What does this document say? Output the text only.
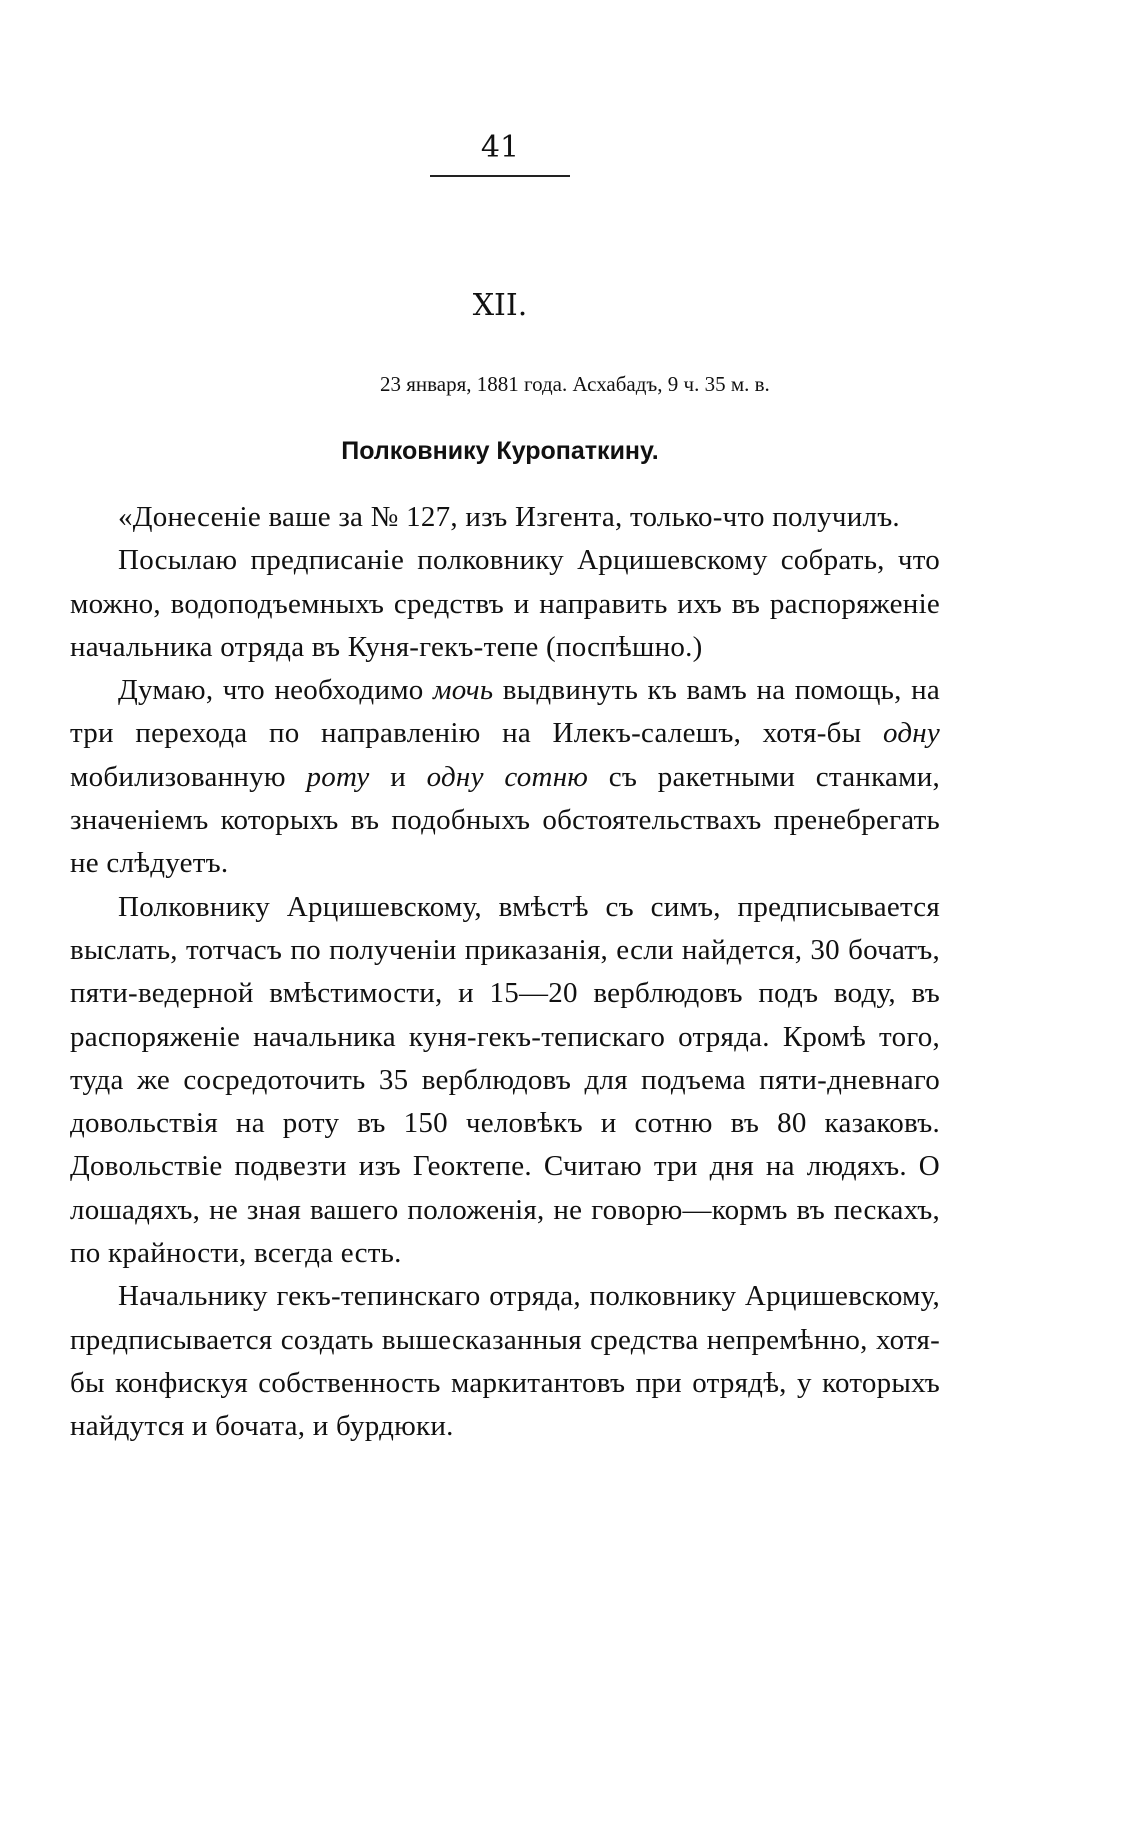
41
XII.
23 января, 1881 года. Асхабадъ, 9 ч. 35 м. в.
Полковнику Куропаткину.

«Донесеніе ваше за № 127, изъ Изгента, только-что получилъ.

Посылаю предписаніе полковнику Арцишевскому собрать, что можно, водоподъемныхъ средствъ и направить ихъ въ распоряженіе начальника отряда въ Куня-гекъ-тепе (поспѣшно.)

Думаю, что необходимо мочь выдвинуть къ вамъ на помощь, на три перехода по направленію на Илекъ-салешъ, хотя-бы одну мобилизованную роту и одну сотню съ ракетными станками, значеніемъ которыхъ въ подобныхъ обстоятельствахъ пренебрегать не слѣдуетъ.

Полковнику Арцишевскому, вмѣстѣ съ симъ, предписывается выслать, тотчасъ по полученіи приказанія, если найдется, 30 бочатъ, пяти-ведерной вмѣстимости, и 15—20 верблюдовъ подъ воду, въ распоряженіе начальника куня-гекъ-тепискаго отряда. Кромѣ того, туда же сосредоточить 35 верблюдовъ для подъема пяти-дневнаго довольствія на роту въ 150 человѣкъ и сотню въ 80 казаковъ. Довольствіе подвезти изъ Геоктепе. Считаю три дня на людяхъ. О лошадяхъ, не зная вашего положенія, не говорю—кормъ въ пескахъ, по крайности, всегда есть.

Начальнику гекъ-тепинскаго отряда, полковнику Арцишевскому, предписывается создать вышесказанныя средства непремѣнно, хотя-бы конфискуя собственность маркитантовъ при отрядѣ, у которыхъ найдутся и бочата, и бурдюки.
